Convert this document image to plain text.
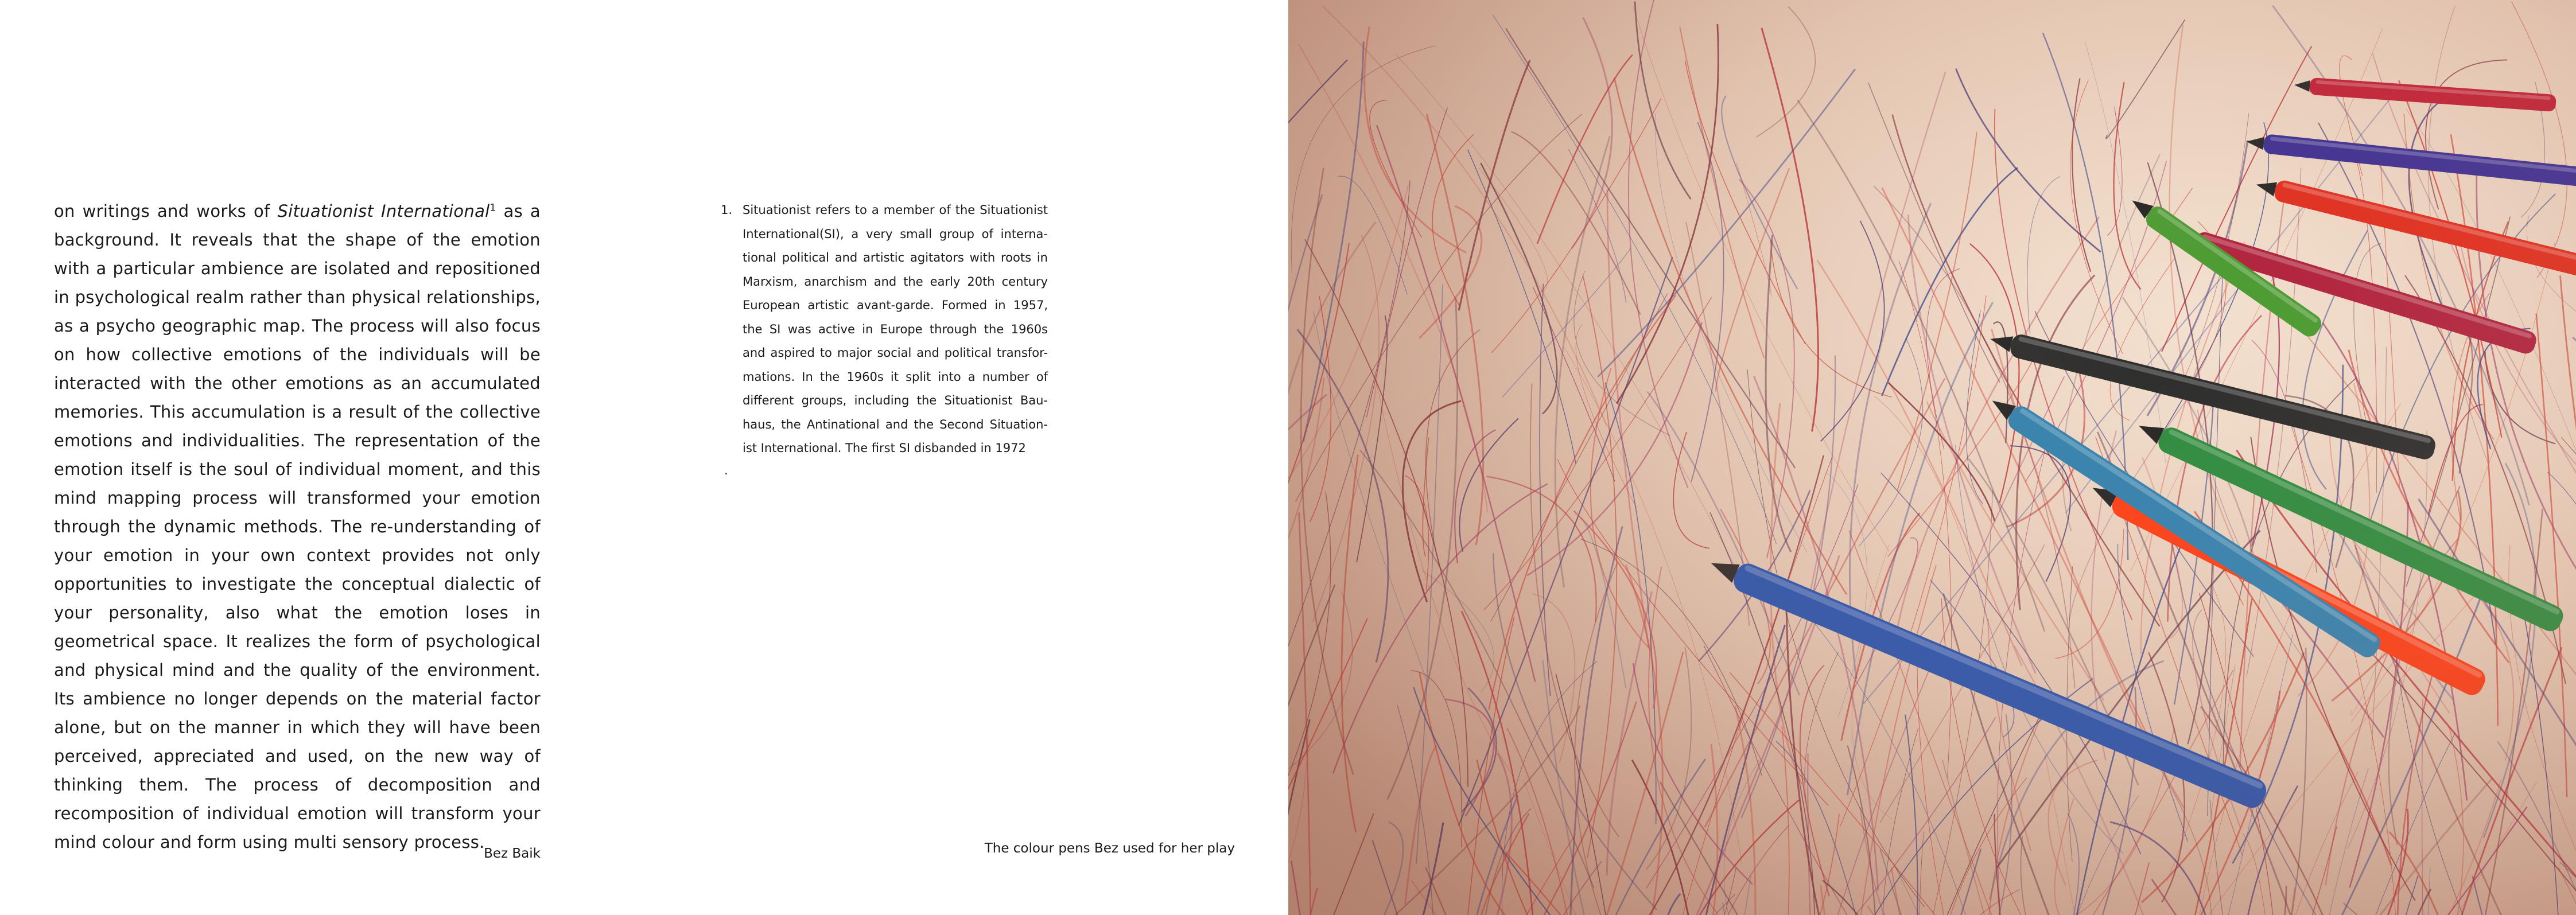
on writings and works of Situationist International$^1$ as a background. It reveals that the shape of the emotion with a particular ambience are isolated and repositioned in psychological realm rather than physical relationships, as a psycho geographic map. The process will also focus on how collective emotions of the individuals will be interacted with the other emotions as an accumulated memories. This accumulation is a result of the collective emotions and individualities. The representation of the emotion itself is the soul of individual moment, and this mind mapping process will transformed your emotion through the dynamic methods. The re-understanding of your emotion in your own context provides not only opportunities to investigate the conceptual dialectic of your personality, also what the emotion loses in geometrical space. It realizes the form of psychological and physical mind and the quality of the environment. Its ambience no longer depends on the material factor alone, but on the manner in which they will have been perceived, appreciated and used, on the new way of thinking them. The process of decomposition and recomposition of individual emotion will transform your mind colour and form using multi sensory process.

Bez Baik
1. Situationist refers to a member of the Situationist International(SI), a very small group of interna-tional political and artistic agitators with roots in Marxism, anarchism and the early 20th century European artistic avant-garde. Formed in 1957, the SI was active in Europe through the 1960s and aspired to major social and political transfor-mations. In the 1960s it split into a number of different groups, including the Situationist Bau-haus, the Antinational and the Second Situation-ist International. The first SI disbanded in 1972
.
The colour pens Bez used for her play
